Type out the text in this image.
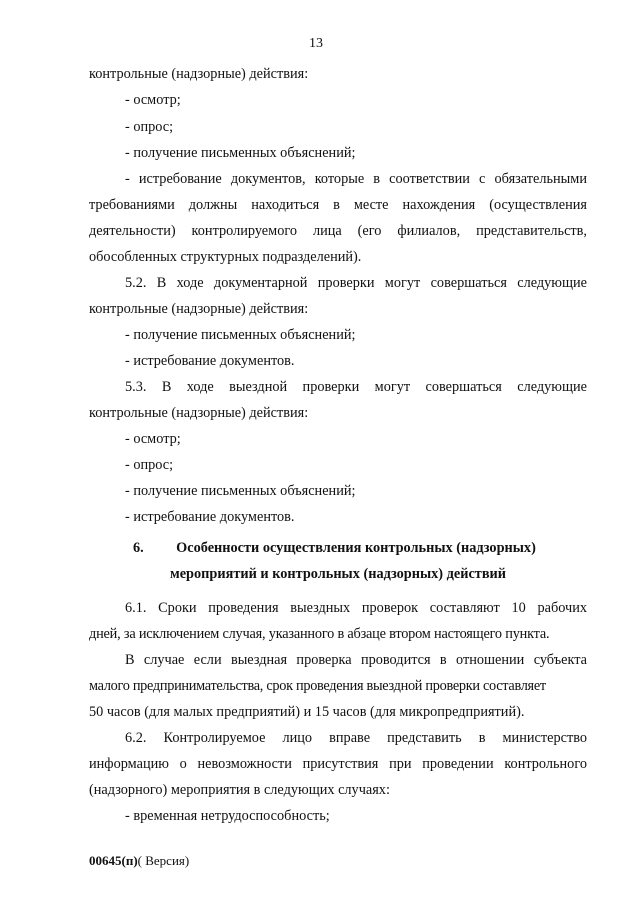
13
контрольные (надзорные) действия:
- осмотр;
- опрос;
- получение письменных объяснений;
- истребование документов, которые в соответствии с обязательными
требованиями должны находиться в месте нахождения (осуществления
деятельности) контролируемого лица (его филиалов, представительств,
обособленных структурных подразделений).
5.2. В ходе документарной проверки могут совершаться следующие
контрольные (надзорные) действия:
- получение письменных объяснений;
- истребование документов.
5.3. В ходе выездной проверки могут совершаться следующие
контрольные (надзорные) действия:
- осмотр;
- опрос;
- получение письменных объяснений;
- истребование документов.
6. Особенности осуществления контрольных (надзорных)
мероприятий и контрольных (надзорных) действий
6.1. Сроки проведения выездных проверок составляют 10 рабочих
дней, за исключением случая, указанного в абзаце втором настоящего пункта.
В случае если выездная проверка проводится в отношении субъекта
малого предпринимательства, срок проведения выездной проверки составляет
50 часов (для малых предприятий) и 15 часов (для микропредприятий).
6.2. Контролируемое лицо вправе представить в министерство
информацию о невозможности присутствия при проведении контрольного
(надзорного) мероприятия в следующих случаях:
- временная нетрудоспособность;
00645(п)( Версия)
